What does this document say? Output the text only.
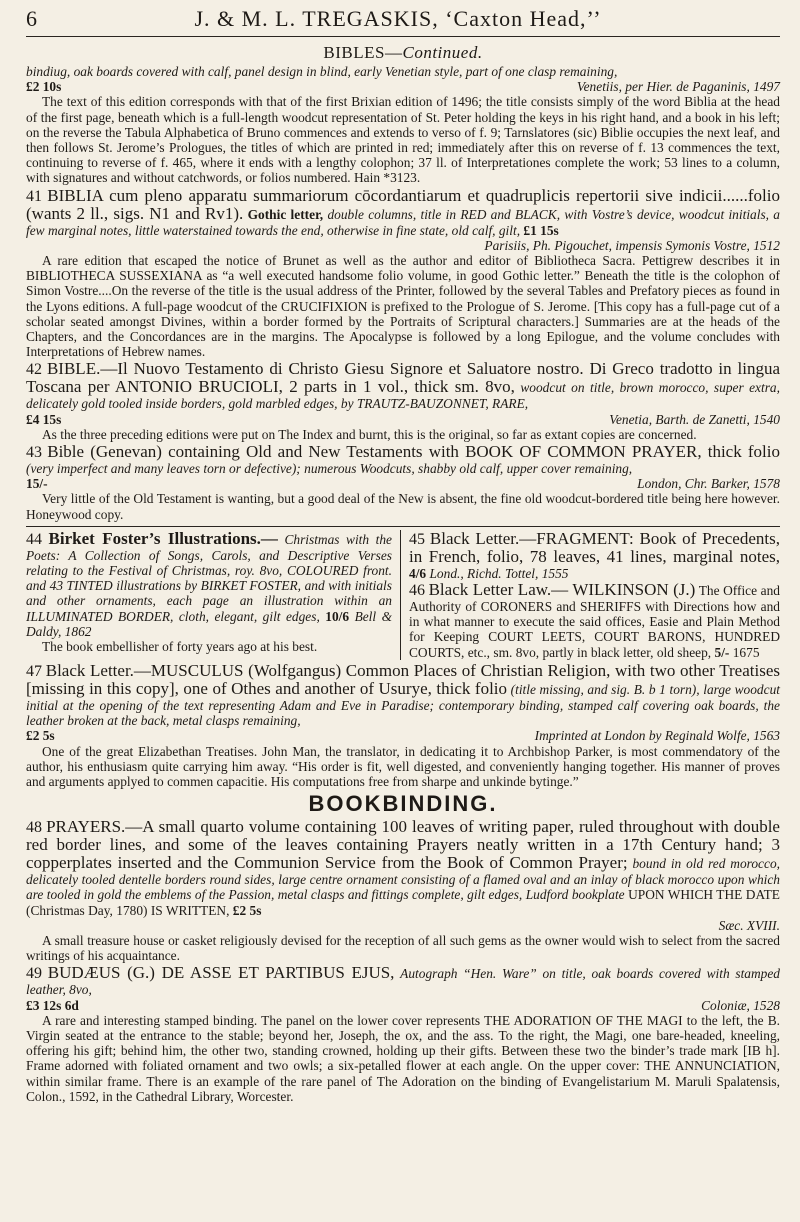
6	J. & M. L. TREGASKIS, ‘Caxton Head,’’
BIBLES—Continued.

bindiug, oak boards covered with calf, panel design in blind, early Venetian style, part of one clasp remaining,

£2 10s	Venetiis, per Hier. de Paganinis, 1497

The text of this edition corresponds with that of the first Brixian edition of 1496; the title consists simply of the word Biblia at the head of the first page, beneath which is a full-length woodcut representation of St. Peter holding the keys in his right hand, and a book in his left; on the reverse the Tabula Alphabetica of Bruno commences and extends to verso of f. 9; Tarnslatores (sic) Biblie occupies the next leaf, and then follows St. Jerome’s Prologues, the titles of which are printed in red; immediately after this on reverse of f. 13 commences the text, continuing to reverse of f. 465, where it ends with a lengthy colophon; 37 ll. of Interpretationes complete the work; 53 lines to a column, with signatures and without catchwords, or folios numbered. Hain *3123.

41 BIBLIA cum pleno apparatu summariorum cōcordantiarum et quadruplicis repertorii sive indicii......folio (wants 2 ll., sigs. N1 and Rv1). Gothic letter, double columns, title in RED and BLACK, with Vostre’s device, woodcut initials, a few marginal notes, little waterstained towards the end, otherwise in fine state, old calf, gilt, £1 15s

Parisiis, Ph. Pigouchet, impensis Symonis Vostre, 1512

A rare edition that escaped the notice of Brunet as well as the author and editor of Bibliotheca Sacra. Pettigrew describes it in BIBLIOTHECA SUSSEXIANA as “a well executed handsome folio volume, in good Gothic letter.” Beneath the title is the colophon of Simon Vostre....On the reverse of the title is the usual address of the Printer, followed by the several Tables and Prefatory pieces as found in the Lyons editions. A full-page woodcut of the CRUCIFIXION is prefixed to the Prologue of S. Jerome. [This copy has a full-page cut of a scholar seated amongst Divines, within a border formed by the Portraits of Scriptural characters.] Summaries are at the heads of the Chapters, and the Concordances are in the margins. The Apocalypse is followed by a long Epilogue, and the volume concludes with Interpretations of Hebrew names.

42 BIBLE.—Il Nuovo Testamento di Christo Giesu Signore et Saluatore nostro. Di Greco tradotto in lingua Toscana per ANTONIO BRUCIOLI, 2 parts in 1 vol., thick sm. 8vo, woodcut on title, brown morocco, super extra, delicately gold tooled inside borders, gold marbled edges, by TRAUTZ-BAUZONNET, RARE,

£4 15s	Venetia, Barth. de Zanetti, 1540

As the three preceding editions were put on The Index and burnt, this is the original, so far as extant copies are concerned.

43 Bible (Genevan) containing Old and New Testaments with BOOK OF COMMON PRAYER, thick folio (very imperfect and many leaves torn or defective); numerous Woodcuts, shabby old calf, upper cover remaining,

15/-	London, Chr. Barker, 1578

Very little of the Old Testament is wanting, but a good deal of the New is absent, the fine old woodcut-bordered title being here however. Honeywood copy.

44 Birket Foster’s Illustrations.— Christmas with the Poets: A Collection of Songs, Carols, and Descriptive Verses relating to the Festival of Christmas, roy. 8vo, COLOURED front. and 43 TINTED illustrations by BIRKET FOSTER, and with initials and other ornaments, each page an illustration within an ILLUMINATED BORDER, cloth, elegant, gilt edges, 10/6 Bell & Daldy, 1862

The book embellisher of forty years ago at his best.

45 Black Letter.—FRAGMENT: Book of Precedents, in French, folio, 78 leaves, 41 lines, marginal notes, 4/6 Lond., Richd. Tottel, 1555

46 Black Letter Law.— WILKINSON (J.) The Office and Authority of CORONERS and SHERIFFS with Directions how and in what manner to execute the said offices, Easie and Plain Method for Keeping COURT LEETS, COURT BARONS, HUNDRED COURTS, etc., sm. 8vo, partly in black letter, old sheep, 5/- 1675

47 Black Letter.—MUSCULUS (Wolfgangus) Common Places of Christian Religion, with two other Treatises [missing in this copy], one of Othes and another of Usurye, thick folio (title missing, and sig. B. b 1 torn), large woodcut initial at the opening of the text representing Adam and Eve in Paradise; contemporary binding, stamped calf covering oak boards, the leather broken at the back, metal clasps remaining,

£2 5s	Imprinted at London by Reginald Wolfe, 1563

One of the great Elizabethan Treatises. John Man, the translator, in dedicating it to Archbishop Parker, is most commendatory of the author, his enthusiasm quite carrying him away. “His order is fit, well digested, and conveniently hanging together. His manner of proves and arguments applyed to commen capacitie. His computations free from sharpe and unkinde bytinge.”

BOOKBINDING.

48 PRAYERS.—A small quarto volume containing 100 leaves of writing paper, ruled throughout with double red border lines, and some of the leaves containing Prayers neatly written in a 17th Century hand; 3 copperplates inserted and the Communion Service from the Book of Common Prayer; bound in old red morocco, delicately tooled dentelle borders round sides, large centre ornament consisting of a flamed oval and an inlay of black morocco upon which are tooled in gold the emblems of the Passion, metal clasps and fittings complete, gilt edges, Ludford bookplate UPON WHICH THE DATE (Christmas Day, 1780) IS WRITTEN, £2 5s

Sæc. XVIII.

A small treasure house or casket religiously devised for the reception of all such gems as the owner would wish to select from the sacred writings of his acquaintance.

49 BUDÆUS (G.) DE ASSE ET PARTIBUS EJUS, Autograph “Hen. Ware” on title, oak boards covered with stamped leather, 8vo,

£3 12s 6d	Coloniæ, 1528

A rare and interesting stamped binding. The panel on the lower cover represents THE ADORATION OF THE MAGI to the left, the B. Virgin seated at the entrance to the stable; beyond her, Joseph, the ox, and the ass. To the right, the Magi, one bare-headed, kneeling, offering his gift; behind him, the other two, standing crowned, holding up their gifts. Between these two the binder’s trade mark [IB h]. Frame adorned with foliated ornament and two owls; a six-petalled flower at each angle. On the upper cover: THE ANNUNCIATION, within similar frame. There is an example of the rare panel of The Adoration on the binding of Evangelistarium M. Maruli Spalatensis, Colon., 1592, in the Cathedral Library, Worcester.
